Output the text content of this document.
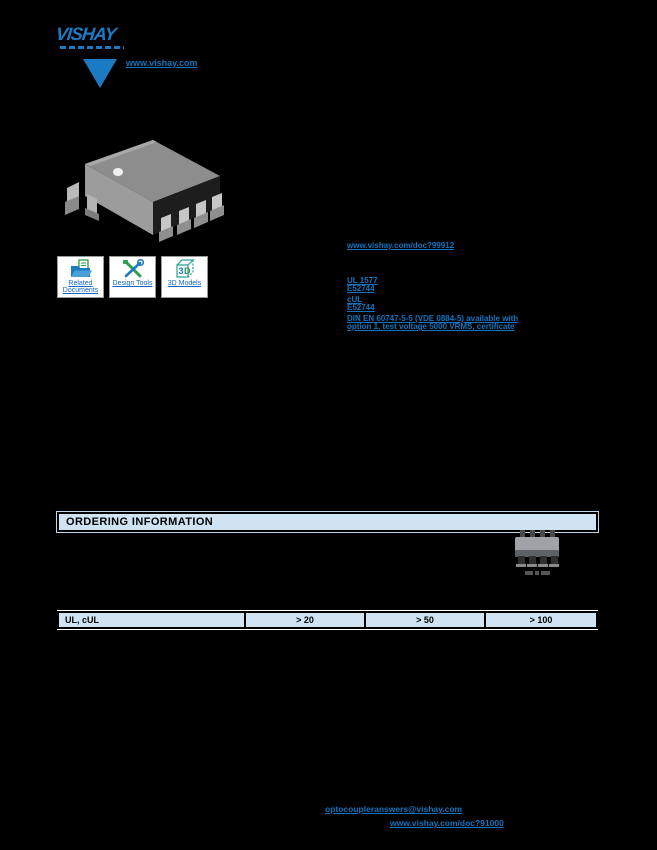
VISHAY
www.vishay.com
Related Documents
Design Tools
3 D
3D Models
www.vishay.com/doc?99912
UL 1577
E52744
cUL
E52744
DIN EN 60747-5-5 (VDE 0884-5) available with
option 1, test voltage 5000 VRMS, certificate
ORDERING INFORMATION
UL, cUL	> 20	> 50	> 100
optocoupleranswers@vishay.com
www.vishay.com/doc?91000
